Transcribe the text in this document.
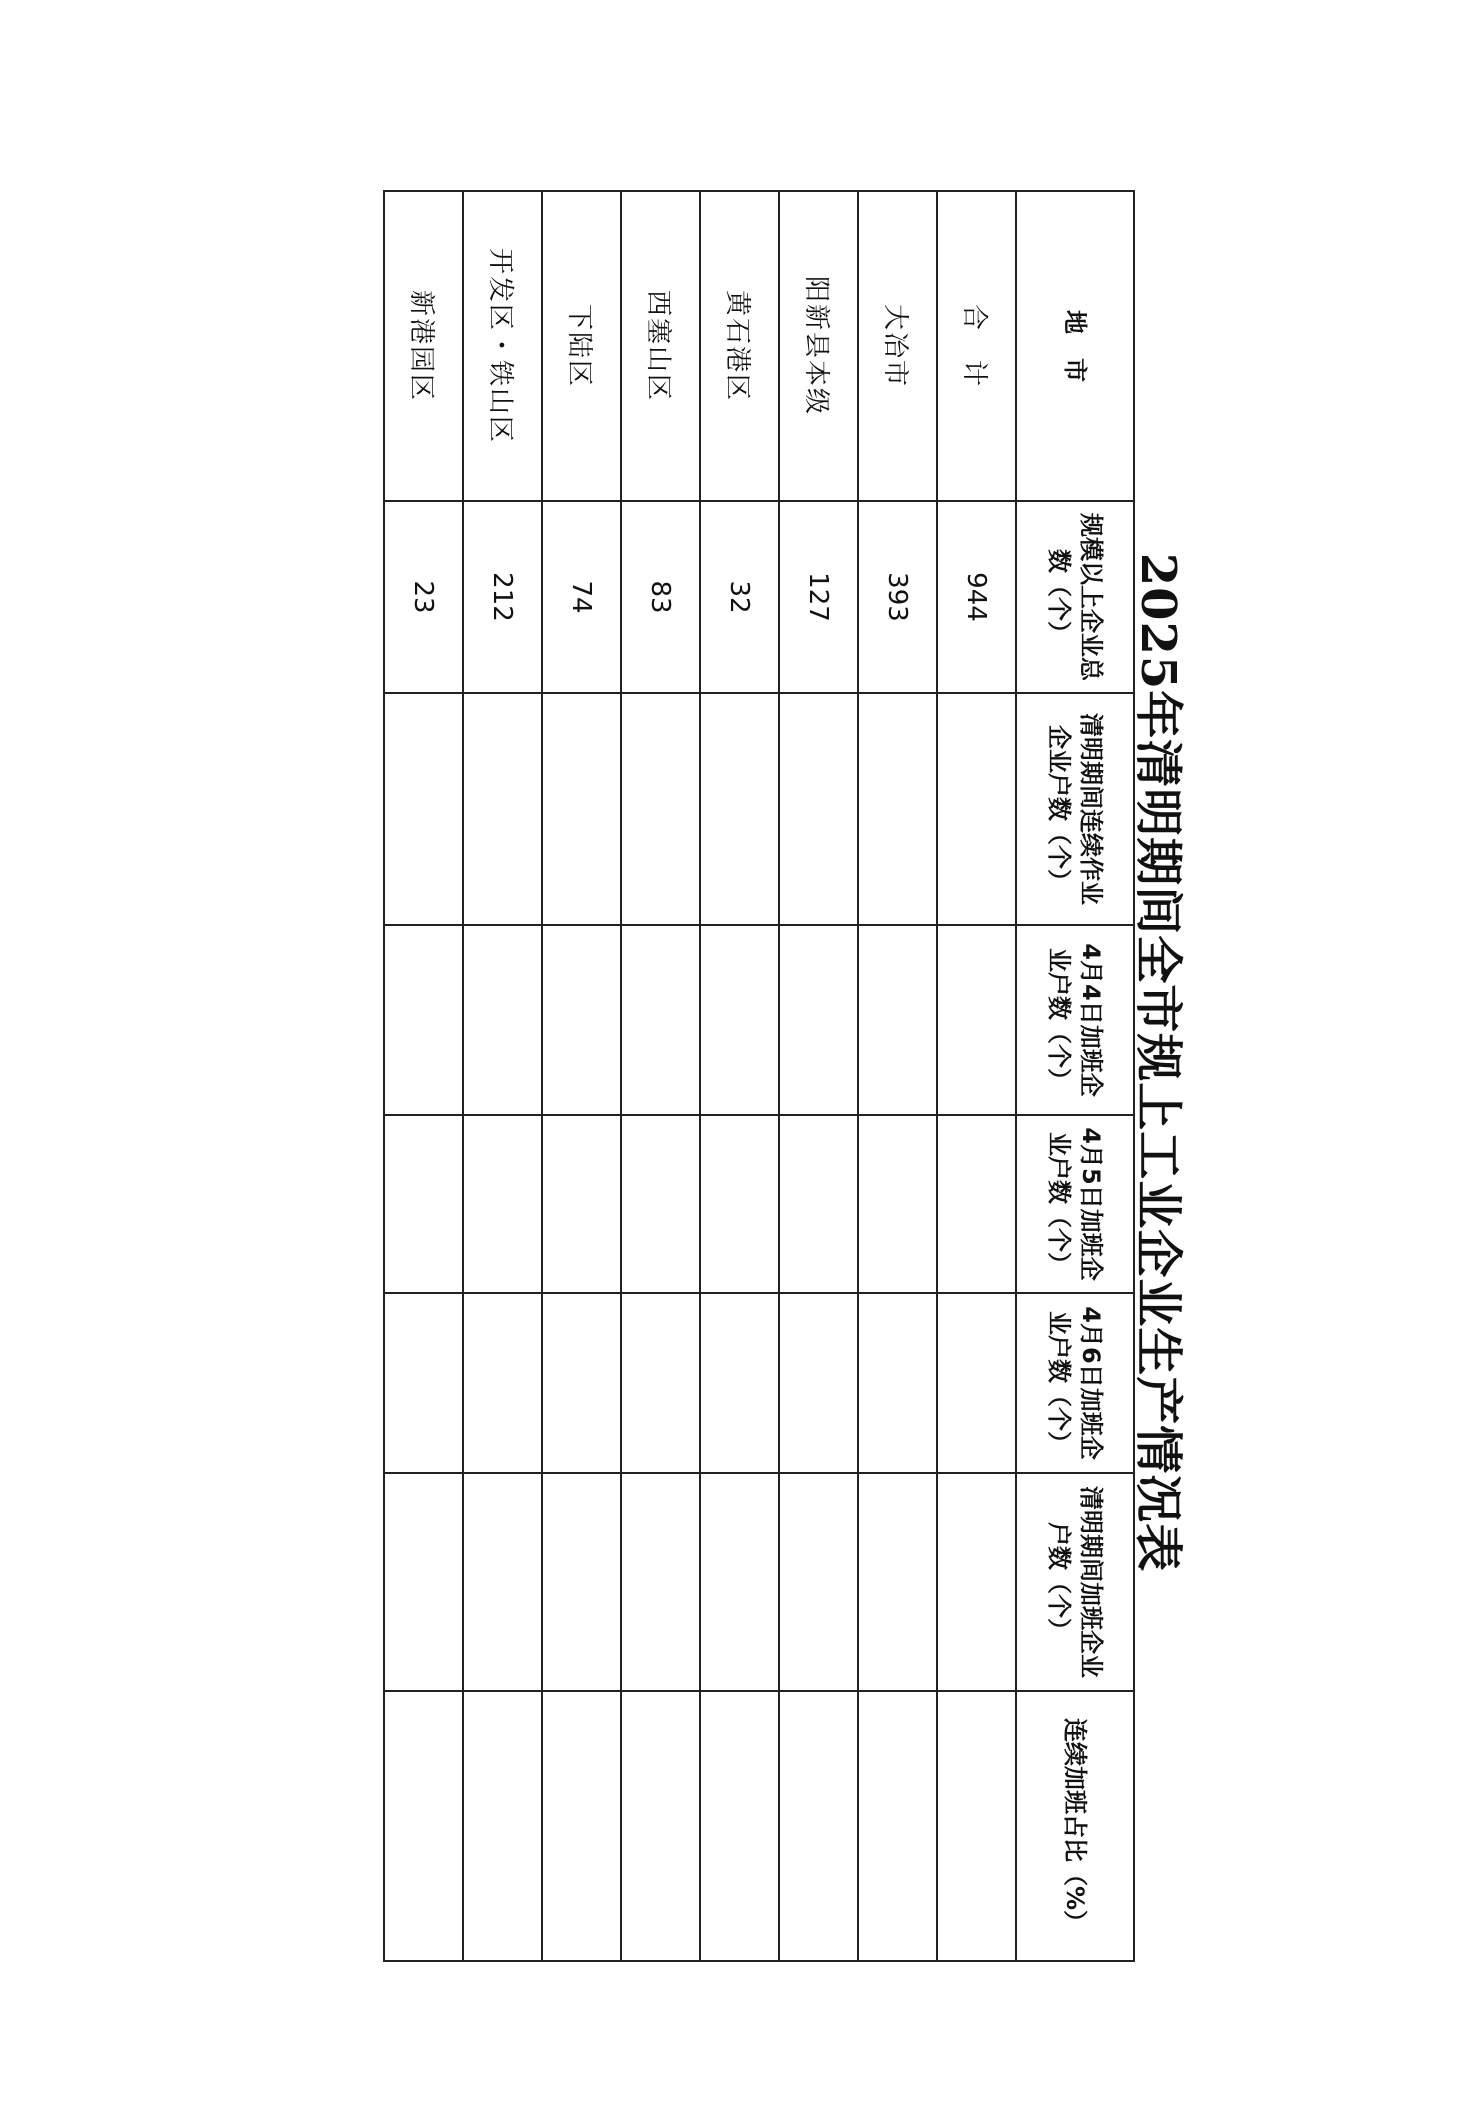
2025年清明期间全市规上工业企业生产情况表
地　市	规模以上企业总数（个）	清明期间连续作业企业户数（个）	4月4日加班企业户数（个）	4月5日加班企业户数（个）	4月6日加班企业户数（个）	清明期间加班企业户数（个）	连续加班占比（%）
合　计	944						
大冶市	393						
阳新县本级	127						
黄石港区	32						
西塞山区	83						
下陆区	74						
开发区・铁山区	212						
新港园区	23						
